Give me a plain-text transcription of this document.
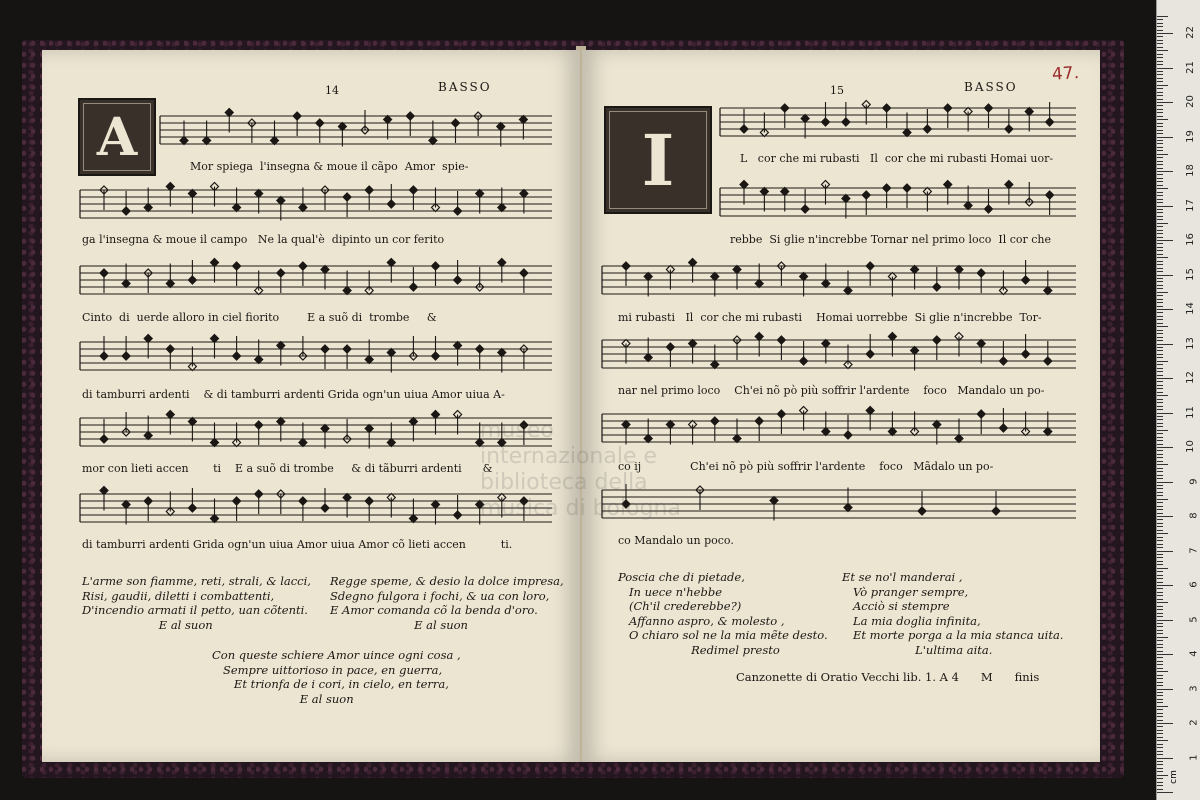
14	BASSO
A	Mor spiega  l'insegna & moue il cãpo  Amor  spie-
ga l'insegna & moue il campo   Ne la qual'è  dipinto un cor ferito
Cinto  di  uerde alloro in ciel fiorito        E a suõ di  trombe     &
di tamburri ardenti    & di tamburri ardenti Grida ogn'un uiua Amor uiua A-
mor con lieti accen       ti    E a suõ di trombe     & di tãburri ardenti      &
di tamburri ardenti Grida ogn'un uiua Amor uiua Amor cõ lieti accen          ti.
L'arme son fiamme, reti, strali, & lacci,
Risi, gaudii, diletti i combattenti,
D'incendio armati il petto, uan cõtenti.
E al suon
Regge speme, & desio la dolce impresa,
Sdegno fulgora i fochi, & ua con loro,
E Amor comanda cõ la benda d'oro.
E al suon
Con queste schiere Amor uince ogni cosa ,
Sempre uittorioso in pace, en guerra,
Et trionfa de i cori, in cielo, en terra,
E al suon
15	BASSO
47.
I	L   cor che mi rubasti   Il  cor che mi rubasti Homai uor-
rebbe  Si glie n'increbbe Tornar nel primo loco  Il cor che
mi rubasti   Il  cor che mi rubasti    Homai uorrebbe  Si glie n'increbbe  Tor-
nar nel primo loco    Ch'ei nõ pò più soffrir l'ardente    foco   Mandalo un po-
co ij              Ch'ei nõ pò più soffrir l'ardente    foco   Mãdalo un po-
co Mandalo un poco.
Poscia che di pietade,
In uece n'hebbe
(Ch'il crederebbe?)
Affanno aspro, & molesto ,
O chiaro sol ne la mia mẽte desto.
Redimel presto
Et se no'l manderai ,
Vò pranger sempre,
Acciò si stempre
La mia doglia infinita,
Et morte porga a la mia stanca uita.
L'ultima aita.
Canzonette di Oratio Vecchi lib. 1. A 4      M      finis
museo internazionale e biblioteca della musica di bologna
cm
1
2
3
4
5
6
7
8
9
10
11
12
13
14
15
16
17
18
19
20
21
22
